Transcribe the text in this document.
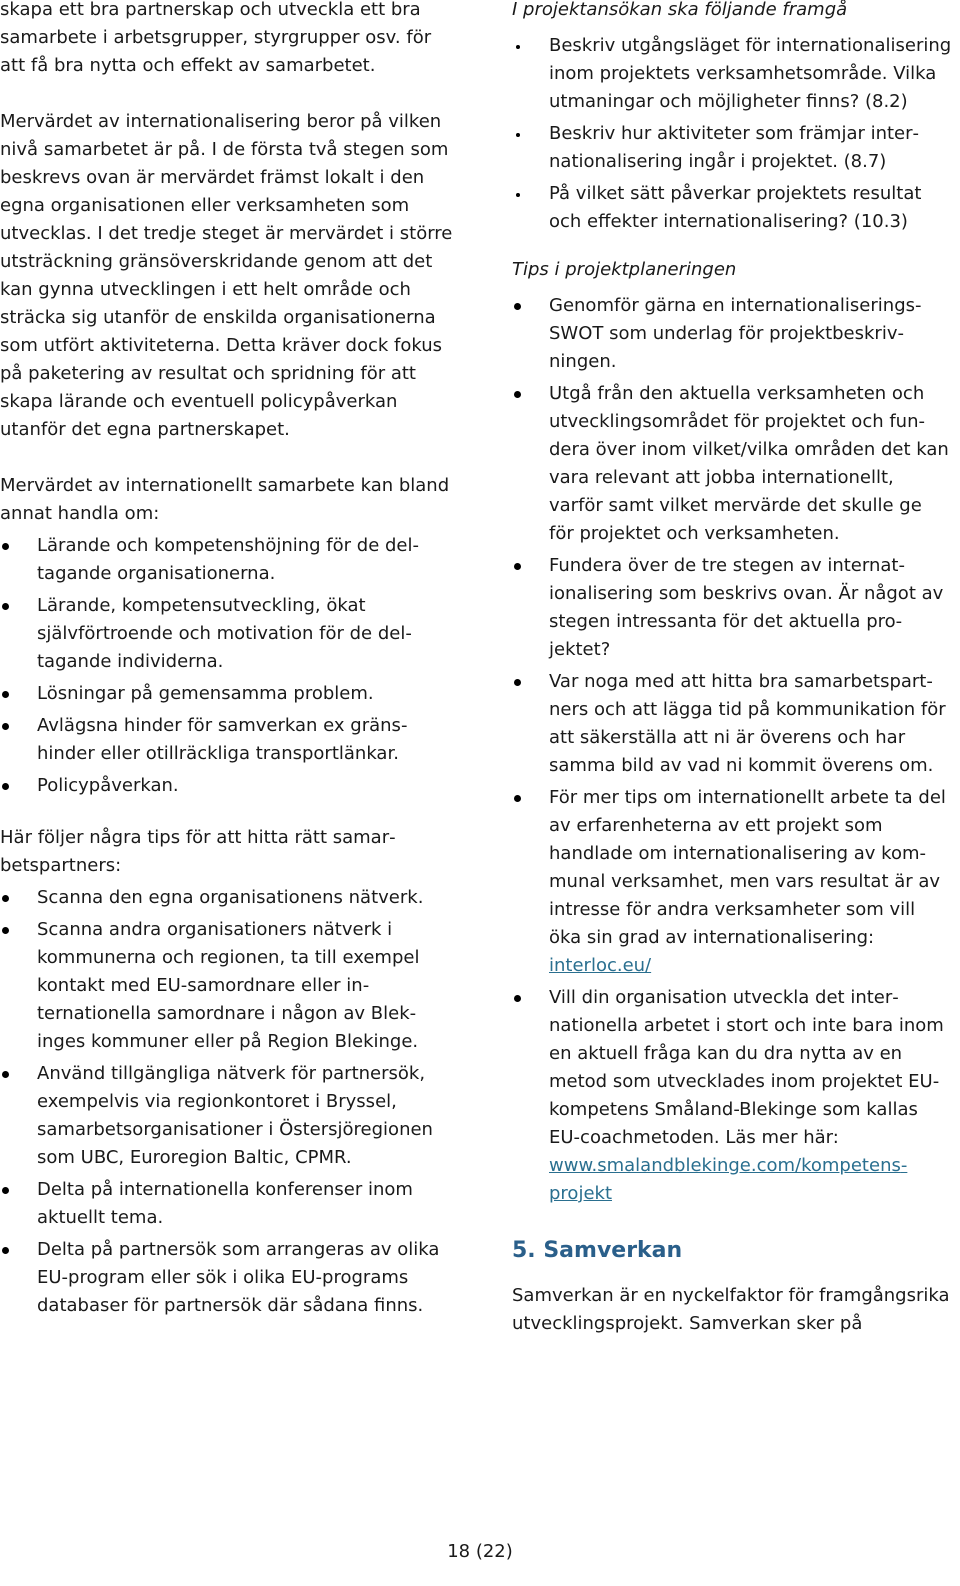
skapa ett bra partnerskap och utveckla ett bra samarbete i arbetsgrupper, styrgrupper osv. för att få bra nytta och effekt av samarbetet.

Mervärdet av internationalisering beror på vilken nivå samarbetet är på. I de första två stegen som beskrevs ovan är mervärdet främst lokalt i den egna organisationen eller verksamheten som utvecklas. I det tredje steget är mervärdet i större utsträckning gränsöverskridande genom att det kan gynna utvecklingen i ett helt område och sträcka sig utanför de enskilda organisationerna som utfört aktiviteterna. Detta kräver dock fokus på paketering av resultat och spridning för att skapa lärande och eventuell policypåverkan utanför det egna partnerskapet.

Mervärdet av internationellt samarbete kan bland annat handla om:

Lärande och kompetenshöjning för de deltagande organisationerna.
Lärande, kompetensutveckling, ökat självförtroende och motivation för de deltagande individerna.
Lösningar på gemensamma problem.
Avlägsna hinder för samverkan ex gränshinder eller otillräckliga transportlänkar.
Policypåverkan.

Här följer några tips för att hitta rätt samarbetspartners:

Scanna den egna organisationens nätverk.
Scanna andra organisationers nätverk i kommunerna och regionen, ta till exempel kontakt med EU-samordnare eller internationella samordnare i någon av Blekinges kommuner eller på Region Blekinge.
Använd tillgängliga nätverk för partnersök, exempelvis via regionkontoret i Bryssel, samarbetsorganisationer i Östersjöregionen som UBC, Euroregion Baltic, CPMR.
Delta på internationella konferenser inom aktuellt tema.
Delta på partnersök som arrangeras av olika EU-program eller sök i olika EU-programs databaser för partnersök där sådana finns.

I projektansökan ska följande framgå

Beskriv utgångsläget för internationalisering inom projektets verksamhetsområde. Vilka utmaningar och möjligheter finns? (8.2)
Beskriv hur aktiviteter som främjar internationalisering ingår i projektet. (8.7)
På vilket sätt påverkar projektets resultat och effekter internationalisering? (10.3)

Tips i projektplaneringen

Genomför gärna en internationaliserings-SWOT som underlag för projektbeskrivningen.
Utgå från den aktuella verksamheten och utvecklingsområdet för projektet och fundera över inom vilket/vilka områden det kan vara relevant att jobba internationellt, varför samt vilket mervärde det skulle ge för projektet och verksamheten.
Fundera över de tre stegen av internationalisering som beskrivs ovan. Är något av stegen intressanta för det aktuella projektet?
Var noga med att hitta bra samarbetspartners och att lägga tid på kommunikation för att säkerställa att ni är överens och har samma bild av vad ni kommit överens om.
För mer tips om internationellt arbete ta del av erfarenheterna av ett projekt som handlade om internationalisering av kommunal verksamhet, men vars resultat är av intresse för andra verksamheter som vill öka sin grad av internationalisering: interloc.eu/
Vill din organisation utveckla det internationella arbetet i stort och inte bara inom en aktuell fråga kan du dra nytta av en metod som utvecklades inom projektet EU-kompetens Småland-Blekinge som kallas EU-coachmetoden. Läs mer här: www.smalandblekinge.com/kompetensprojekt
5. Samverkan

Samverkan är en nyckelfaktor för framgångsrika utvecklingsprojekt. Samverkan sker på

18 (22)
